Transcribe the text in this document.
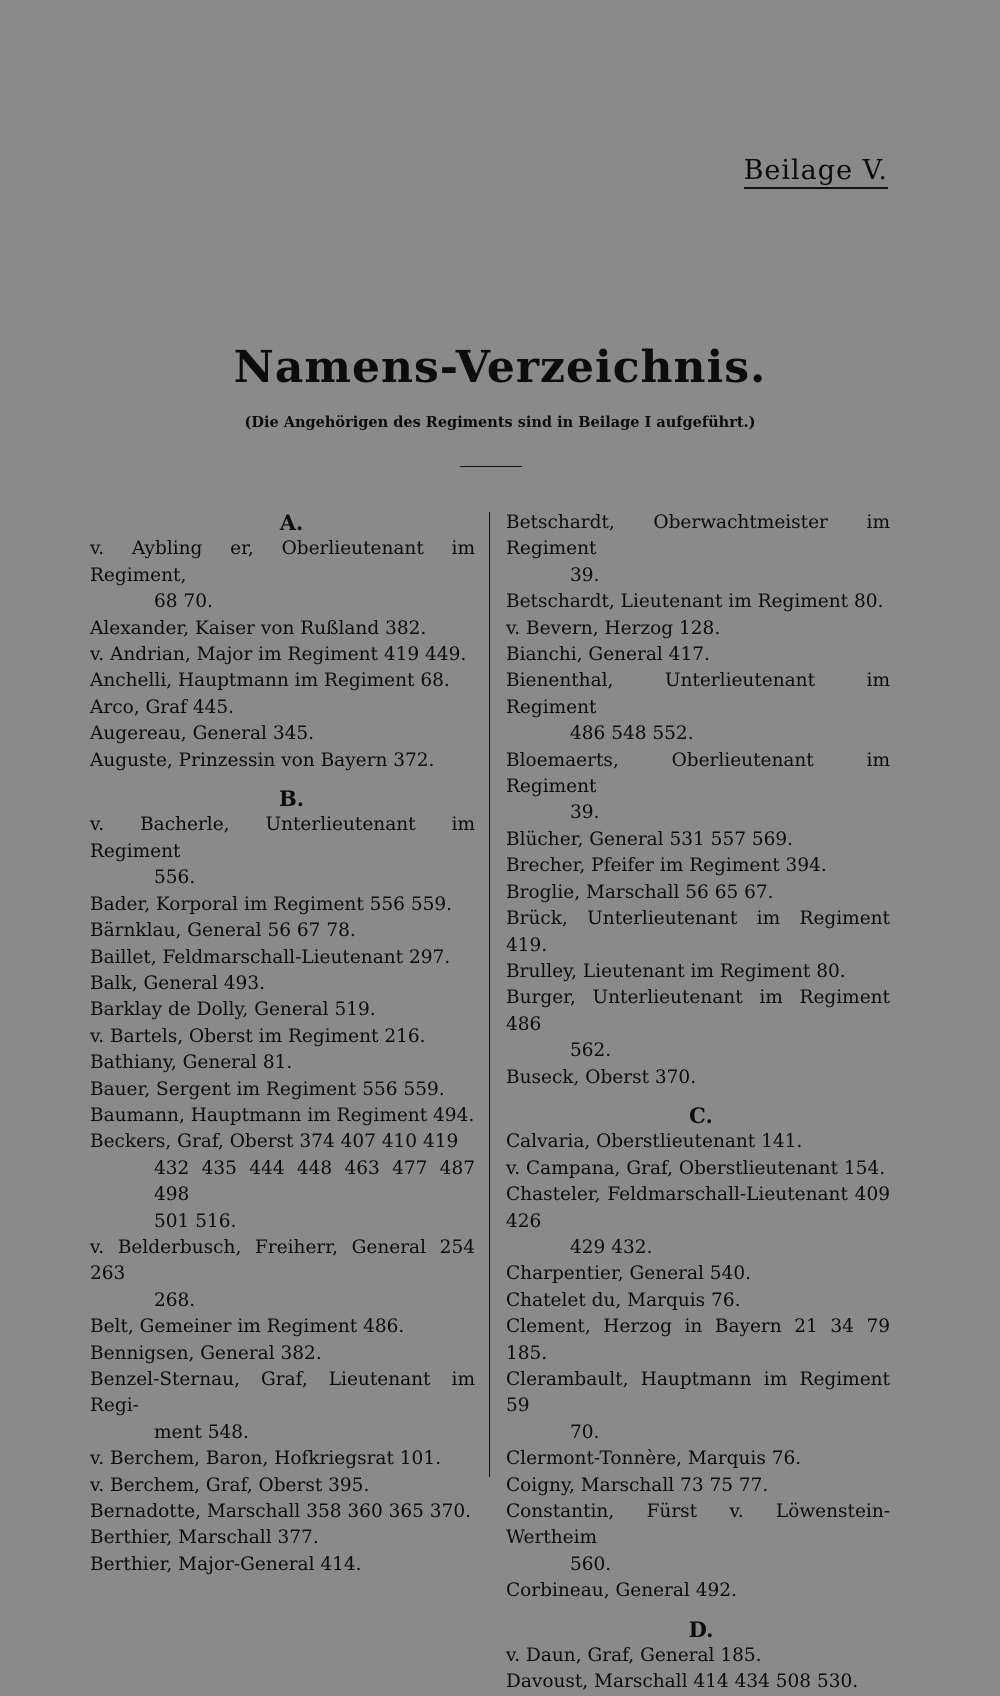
Beilage V.
Namens-Verzeichnis.
(Die Angehörigen des Regiments sind in Beilage I aufgeführt.)
A.
v. Aybling er, Oberlieutenant im Regiment,
68 70.
Alexander, Kaiser von Rußland 382.
v. Andrian, Major im Regiment 419 449.
Anchelli, Hauptmann im Regiment 68.
Arco, Graf 445.
Augereau, General 345.
Auguste, Prinzessin von Bayern 372.
B.
v. Bacherle, Unterlieutenant im Regiment
556.
Bader, Korporal im Regiment 556 559.
Bärnklau, General 56 67 78.
Baillet, Feldmarschall-Lieutenant 297.
Balk, General 493.
Barklay de Dolly, General 519.
v. Bartels, Oberst im Regiment 216.
Bathiany, General 81.
Bauer, Sergent im Regiment 556 559.
Baumann, Hauptmann im Regiment 494.
Beckers, Graf, Oberst 374 407 410 419
432 435 444 448 463 477 487 498
501 516.
v. Belderbusch, Freiherr, General 254 263
268.
Belt, Gemeiner im Regiment 486.
Bennigsen, General 382.
Benzel-Sternau, Graf, Lieutenant im Regi-
ment 548.
v. Berchem, Baron, Hofkriegsrat 101.
v. Berchem, Graf, Oberst 395.
Bernadotte, Marschall 358 360 365 370.
Berthier, Marschall 377.
Berthier, Major-General 414.
Betschardt, Oberwachtmeister im Regiment
39.
Betschardt, Lieutenant im Regiment 80.
v. Bevern, Herzog 128.
Bianchi, General 417.
Bienenthal, Unterlieutenant im Regiment
486 548 552.
Bloemaerts, Oberlieutenant im Regiment
39.
Blücher, General 531 557 569.
Brecher, Pfeifer im Regiment 394.
Broglie, Marschall 56 65 67.
Brück, Unterlieutenant im Regiment 419.
Brulley, Lieutenant im Regiment 80.
Burger, Unterlieutenant im Regiment 486
562.
Buseck, Oberst 370.
C.
Calvaria, Oberstlieutenant 141.
v. Campana, Graf, Oberstlieutenant 154.
Chasteler, Feldmarschall-Lieutenant 409 426
429 432.
Charpentier, General 540.
Chatelet du, Marquis 76.
Clement, Herzog in Bayern 21 34 79 185.
Clerambault, Hauptmann im Regiment 59
70.
Clermont-Tonnère, Marquis 76.
Coigny, Marschall 73 75 77.
Constantin, Fürst v. Löwenstein-Wertheim
560.
Corbineau, General 492.
D.
v. Daun, Graf, General 185.
Davoust, Marschall 414 434 508 530.
